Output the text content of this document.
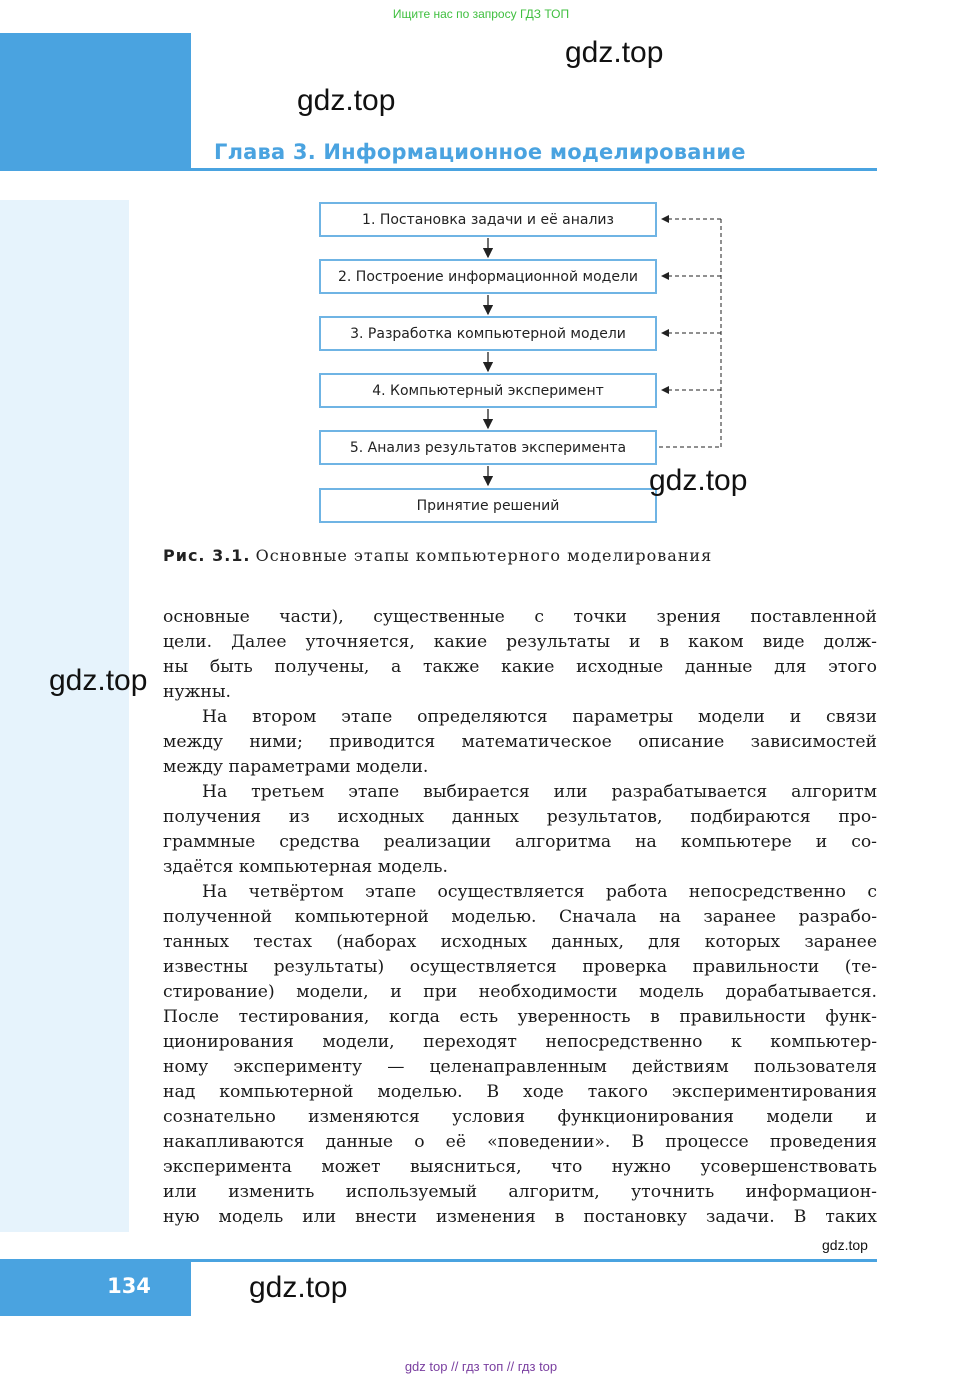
Ищите нас по запросу ГДЗ ТОП
Глава 3. Информационное моделирование
gdz.top
gdz.top
1. Постановка задачи и её анализ
2. Построение информационной модели
3. Разработка компьютерной модели
4. Компьютерный эксперимент
5. Анализ результатов эксперимента
Принятие решений
gdz.top
Рис. 3.1. Основные этапы компьютерного моделирования
основные части), существенные с точки зрения поставленной
цели. Далее уточняется, какие результаты и в каком виде долж-
ны быть получены, а также какие исходные данные для этого
нужны.
На втором этапе определяются параметры модели и связи
между ними; приводится математическое описание зависимостей
между параметрами модели.
На третьем этапе выбирается или разрабатывается алгоритм
получения из исходных данных результатов, подбираются про-
граммные средства реализации алгоритма на компьютере и со-
здаётся компьютерная модель.
На четвёртом этапе осуществляется работа непосредственно с
полученной компьютерной моделью. Сначала на заранее разрабо-
танных тестах (наборах исходных данных, для которых заранее
известны результаты) осуществляется проверка правильности (те-
стирование) модели, и при необходимости модель дорабатывается.
После тестирования, когда есть уверенность в правильности функ-
ционирования модели, переходят непосредственно к компьютер-
ному эксперименту — целенаправленным действиям пользователя
над компьютерной моделью. В ходе такого экспериментирования
сознательно изменяются условия функционирования модели и
накапливаются данные о её «поведении». В процессе проведения
эксперимента может выясниться, что нужно усовершенствовать
или изменить используемый алгоритм, уточнить информацион-
ную модель или внести изменения в постановку задачи. В таких
gdz.top
gdz.top
134	gdz.top
gdz top // гдз топ // гдз top
